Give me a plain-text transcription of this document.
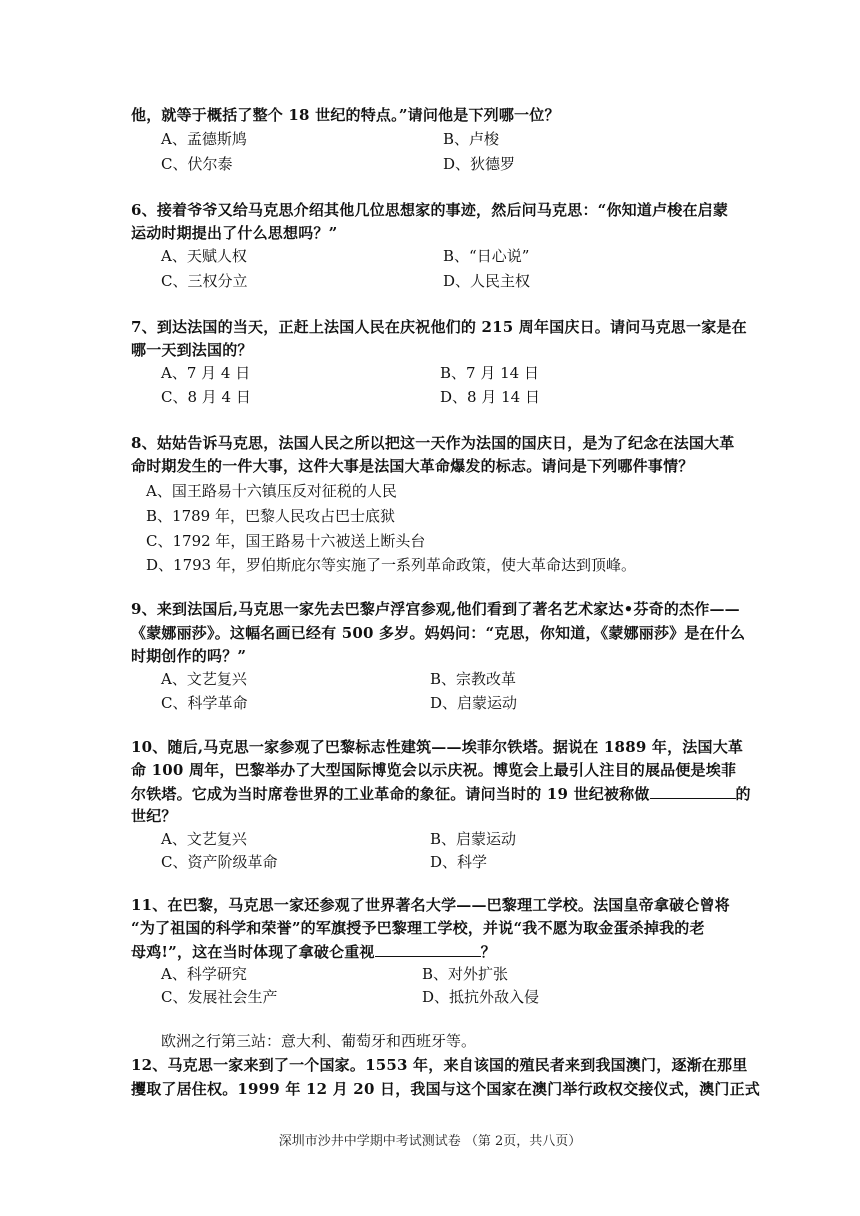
他，就等于概括了整个 18 世纪的特点。”请问他是下列哪一位？
A、孟德斯鸠	B、卢梭
C、伏尔泰	D、狄德罗
6、接着爷爷又给马克思介绍其他几位思想家的事迹，然后问马克思：“你知道卢梭在启蒙
运动时期提出了什么思想吗？”
A、天赋人权	B、“日心说”
C、三权分立	D、人民主权
7、到达法国的当天，正赶上法国人民在庆祝他们的 215 周年国庆日。请问马克思一家是在
哪一天到法国的？
A、7 月 4 日	B、7 月 14 日
C、8 月 4 日	D、8 月 14 日
8、姑姑告诉马克思，法国人民之所以把这一天作为法国的国庆日，是为了纪念在法国大革
命时期发生的一件大事，这件大事是法国大革命爆发的标志。请问是下列哪件事情？
A、国王路易十六镇压反对征税的人民
B、1789 年，巴黎人民攻占巴士底狱
C、1792 年，国王路易十六被送上断头台
D、1793 年，罗伯斯庇尔等实施了一系列革命政策，使大革命达到顶峰。
9、来到法国后,马克思一家先去巴黎卢浮宫参观,他们看到了著名艺术家达•芬奇的杰作——
《蒙娜丽莎》。这幅名画已经有 500 多岁。妈妈问：“克思，你知道，《蒙娜丽莎》是在什么
时期创作的吗？”
A、文艺复兴	B、宗教改革
C、科学革命	D、启蒙运动
10、随后,马克思一家参观了巴黎标志性建筑——埃菲尔铁塔。据说在 1889 年，法国大革
命 100 周年，巴黎举办了大型国际博览会以示庆祝。博览会上最引人注目的展品便是埃菲
尔铁塔。它成为当时席卷世界的工业革命的象征。请问当时的 19 世纪被称做	的
世纪？
A、文艺复兴	B、启蒙运动
C、资产阶级革命	D、科学
11、在巴黎，马克思一家还参观了世界著名大学——巴黎理工学校。法国皇帝拿破仑曾将
“为了祖国的科学和荣誉”的军旗授予巴黎理工学校，并说“我不愿为取金蛋杀掉我的老
母鸡!”，这在当时体现了拿破仑重视	？
A、科学研究	B、对外扩张
C、发展社会生产	D、抵抗外敌入侵
欧洲之行第三站：意大利、葡萄牙和西班牙等。
12、马克思一家来到了一个国家。1553 年，来自该国的殖民者来到我国澳门，逐渐在那里
攫取了居住权。1999 年 12 月 20 日，我国与这个国家在澳门举行政权交接仪式，澳门正式
深圳市沙井中学期中考试测试卷 （第 2页，共八页）
